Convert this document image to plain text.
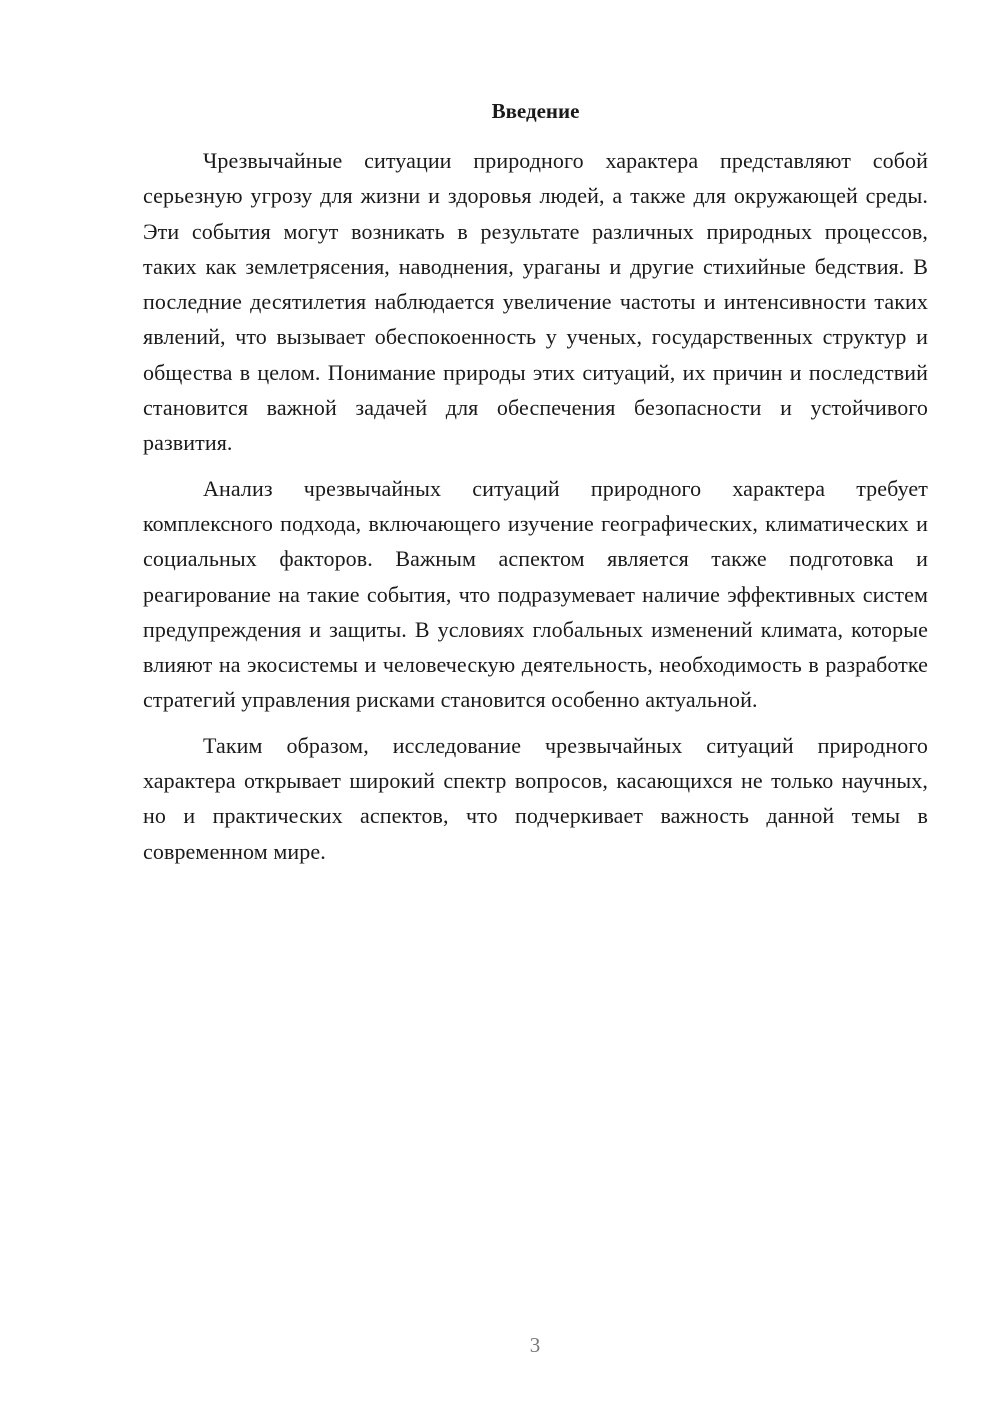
Введение

Чрезвычайные ситуации природного характера представляют собой серьезную угрозу для жизни и здоровья людей, а также для окружающей среды. Эти события могут возникать в результате различных природных процессов, таких как землетрясения, наводнения, ураганы и другие стихийные бедствия. В последние десятилетия наблюдается увеличение частоты и интенсивности таких явлений, что вызывает обеспокоенность у ученых, государственных структур и общества в целом. Понимание природы этих ситуаций, их причин и последствий становится важной задачей для обеспечения безопасности и устойчивого развития.

Анализ чрезвычайных ситуаций природного характера требует комплексного подхода, включающего изучение географических, климатических и социальных факторов. Важным аспектом является также подготовка и реагирование на такие события, что подразумевает наличие эффективных систем предупреждения и защиты. В условиях глобальных изменений климата, которые влияют на экосистемы и человеческую деятельность, необходимость в разработке стратегий управления рисками становится особенно актуальной.

Таким образом, исследование чрезвычайных ситуаций природного характера открывает широкий спектр вопросов, касающихся не только научных, но и практических аспектов, что подчеркивает важность данной темы в современном мире.

3
